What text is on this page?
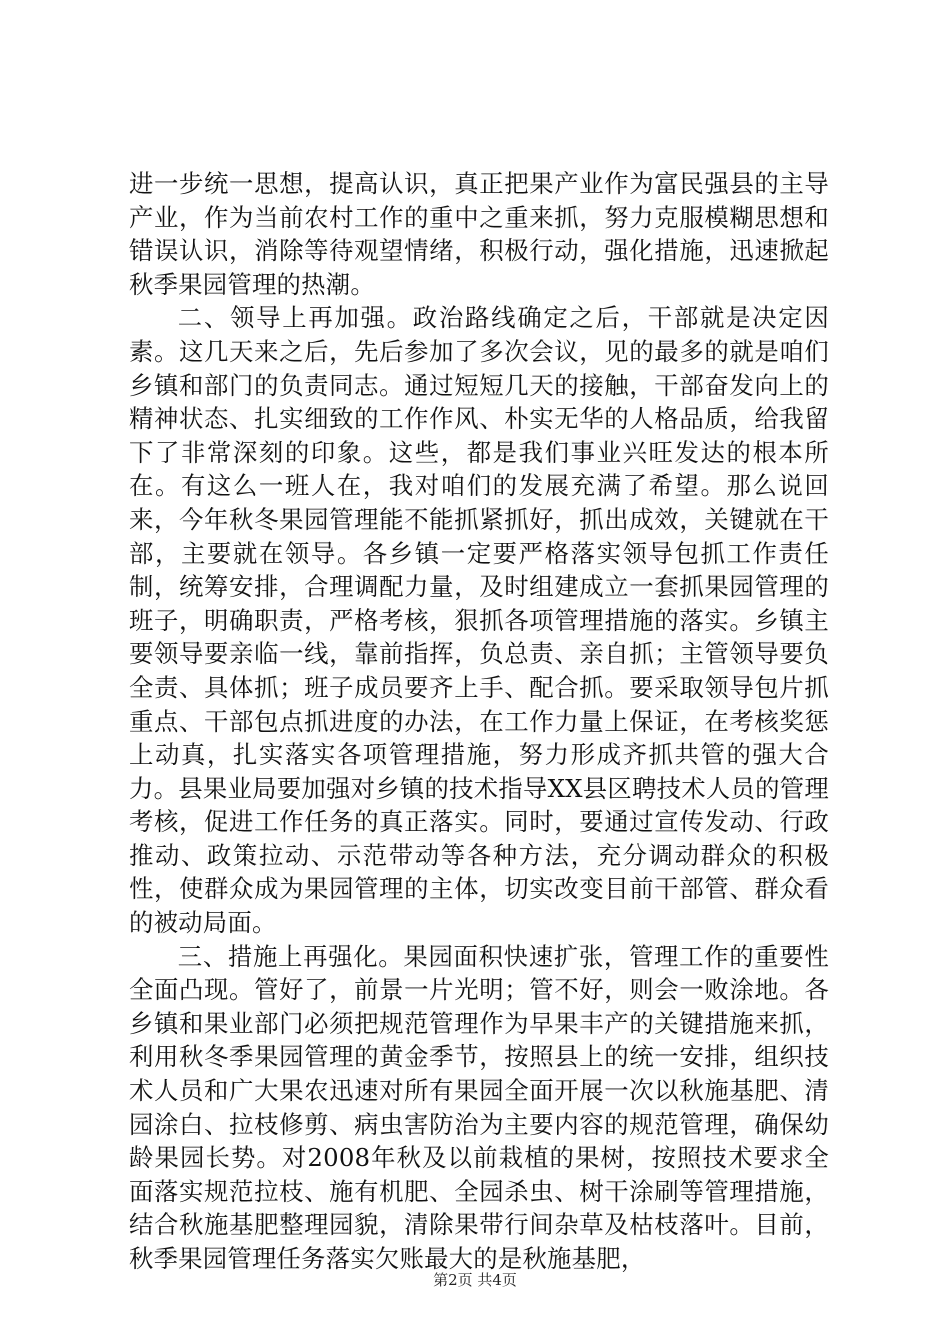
进一步统一思想，提高认识，真正把果产业作为富民强县的主导产业，作为当前农村工作的重中之重来抓，努力克服模糊思想和错误认识，消除等待观望情绪，积极行动，强化措施，迅速掀起秋季果园管理的热潮。

二、领导上再加强。政治路线确定之后，干部就是决定因素。这几天来之后，先后参加了多次会议，见的最多的就是咱们乡镇和部门的负责同志。通过短短几天的接触，干部奋发向上的精神状态、扎实细致的工作作风、朴实无华的人格品质，给我留下了非常深刻的印象。这些，都是我们事业兴旺发达的根本所在。有这么一班人在，我对咱们的发展充满了希望。那么说回来，今年秋冬果园管理能不能抓紧抓好，抓出成效，关键就在干部，主要就在领导。各乡镇一定要严格落实领导包抓工作责任制，统筹安排，合理调配力量，及时组建成立一套抓果园管理的班子，明确职责，严格考核，狠抓各项管理措施的落实。乡镇主要领导要亲临一线，靠前指挥，负总责、亲自抓；主管领导要负全责、具体抓；班子成员要齐上手、配合抓。要采取领导包片抓重点、干部包点抓进度的办法，在工作力量上保证，在考核奖惩上动真，扎实落实各项管理措施，努力形成齐抓共管的强大合力。县果业局要加强对乡镇的技术指导XX县区聘技术人员的管理考核，促进工作任务的真正落实。同时，要通过宣传发动、行政推动、政策拉动、示范带动等各种方法，充分调动群众的积极性，使群众成为果园管理的主体，切实改变目前干部管、群众看的被动局面。

三、措施上再强化。果园面积快速扩张，管理工作的重要性全面凸现。管好了，前景一片光明；管不好，则会一败涂地。各乡镇和果业部门必须把规范管理作为早果丰产的关键措施来抓，利用秋冬季果园管理的黄金季节，按照县上的统一安排，组织技术人员和广大果农迅速对所有果园全面开展一次以秋施基肥、清园涂白、拉枝修剪、病虫害防治为主要内容的规范管理，确保幼龄果园长势。对2008年秋及以前栽植的果树，按照技术要求全面落实规范拉枝、施有机肥、全园杀虫、树干涂刷等管理措施，结合秋施基肥整理园貌，清除果带行间杂草及枯枝落叶。目前，秋季果园管理任务落实欠账最大的是秋施基肥，

第2页 共4页
